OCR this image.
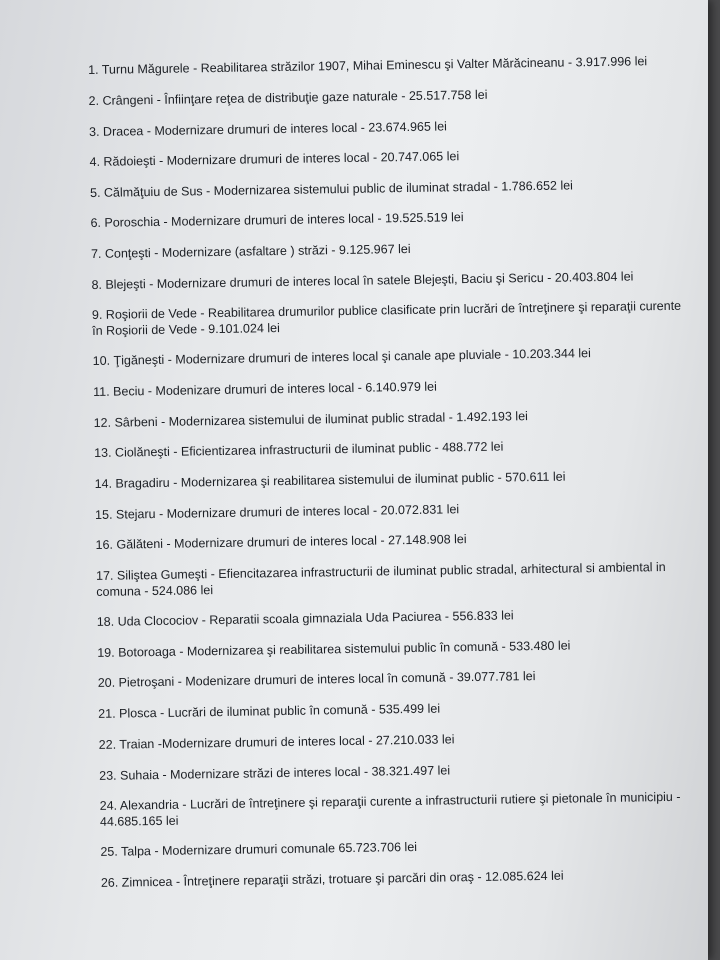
1. Turnu Măgurele - Reabilitarea străzilor 1907, Mihai Eminescu şi Valter Mărăcineanu - 3.917.996 lei
2. Crângeni - Înfiinţare reţea de distribuţie gaze naturale - 25.517.758 lei
3. Dracea - Modernizare drumuri de interes local - 23.674.965 lei
4. Rădoieşti - Modernizare drumuri de interes local - 20.747.065 lei
5. Călmăţuiu de Sus - Modernizarea sistemului public de iluminat stradal - 1.786.652 lei
6. Poroschia - Modernizare drumuri de interes local - 19.525.519 lei
7. Conţeşti - Modernizare (asfaltare ) străzi - 9.125.967 lei
8. Blejeşti - Modernizare drumuri de interes local în satele Blejeşti, Baciu şi Sericu - 20.403.804 lei
9. Roşiorii de Vede - Reabilitarea drumurilor publice clasificate prin lucrări de întreţinere şi reparaţii curente în Roşiorii de Vede - 9.101.024 lei
10. Ţigăneşti - Modernizare drumuri de interes local şi canale ape pluviale - 10.203.344 lei
11. Beciu - Modenizare drumuri de interes local - 6.140.979 lei
12. Sârbeni - Modernizarea sistemului de iluminat public stradal - 1.492.193 lei
13. Ciolăneşti - Eficientizarea infrastructurii de iluminat public - 488.772 lei
14. Bragadiru - Modernizarea şi reabilitarea sistemului de iluminat public - 570.611 lei
15. Stejaru - Modernizare drumuri de interes local - 20.072.831 lei
16. Gălăteni - Modernizare drumuri de interes local - 27.148.908 lei
17. Siliştea Gumeşti - Efiencitazarea infrastructurii de iluminat public stradal, arhitectural si ambiental in comuna - 524.086 lei
18. Uda Clocociov - Reparatii scoala gimnaziala Uda Paciurea - 556.833 lei
19. Botoroaga - Modernizarea şi reabilitarea sistemului public în comună - 533.480 lei
20. Pietroşani - Modenizare drumuri de interes local în comună - 39.077.781 lei
21. Plosca - Lucrări de iluminat public în comună - 535.499 lei
22. Traian -Modernizare drumuri de interes local - 27.210.033 lei
23. Suhaia - Modernizare străzi de interes local - 38.321.497 lei
24. Alexandria - Lucrări de întreţinere şi reparaţii curente a infrastructurii rutiere şi pietonale în municipiu - 44.685.165 lei
25. Talpa - Modernizare drumuri comunale 65.723.706 lei
26. Zimnicea - Întreţinere reparaţii străzi, trotuare şi parcări din oraş - 12.085.624 lei
